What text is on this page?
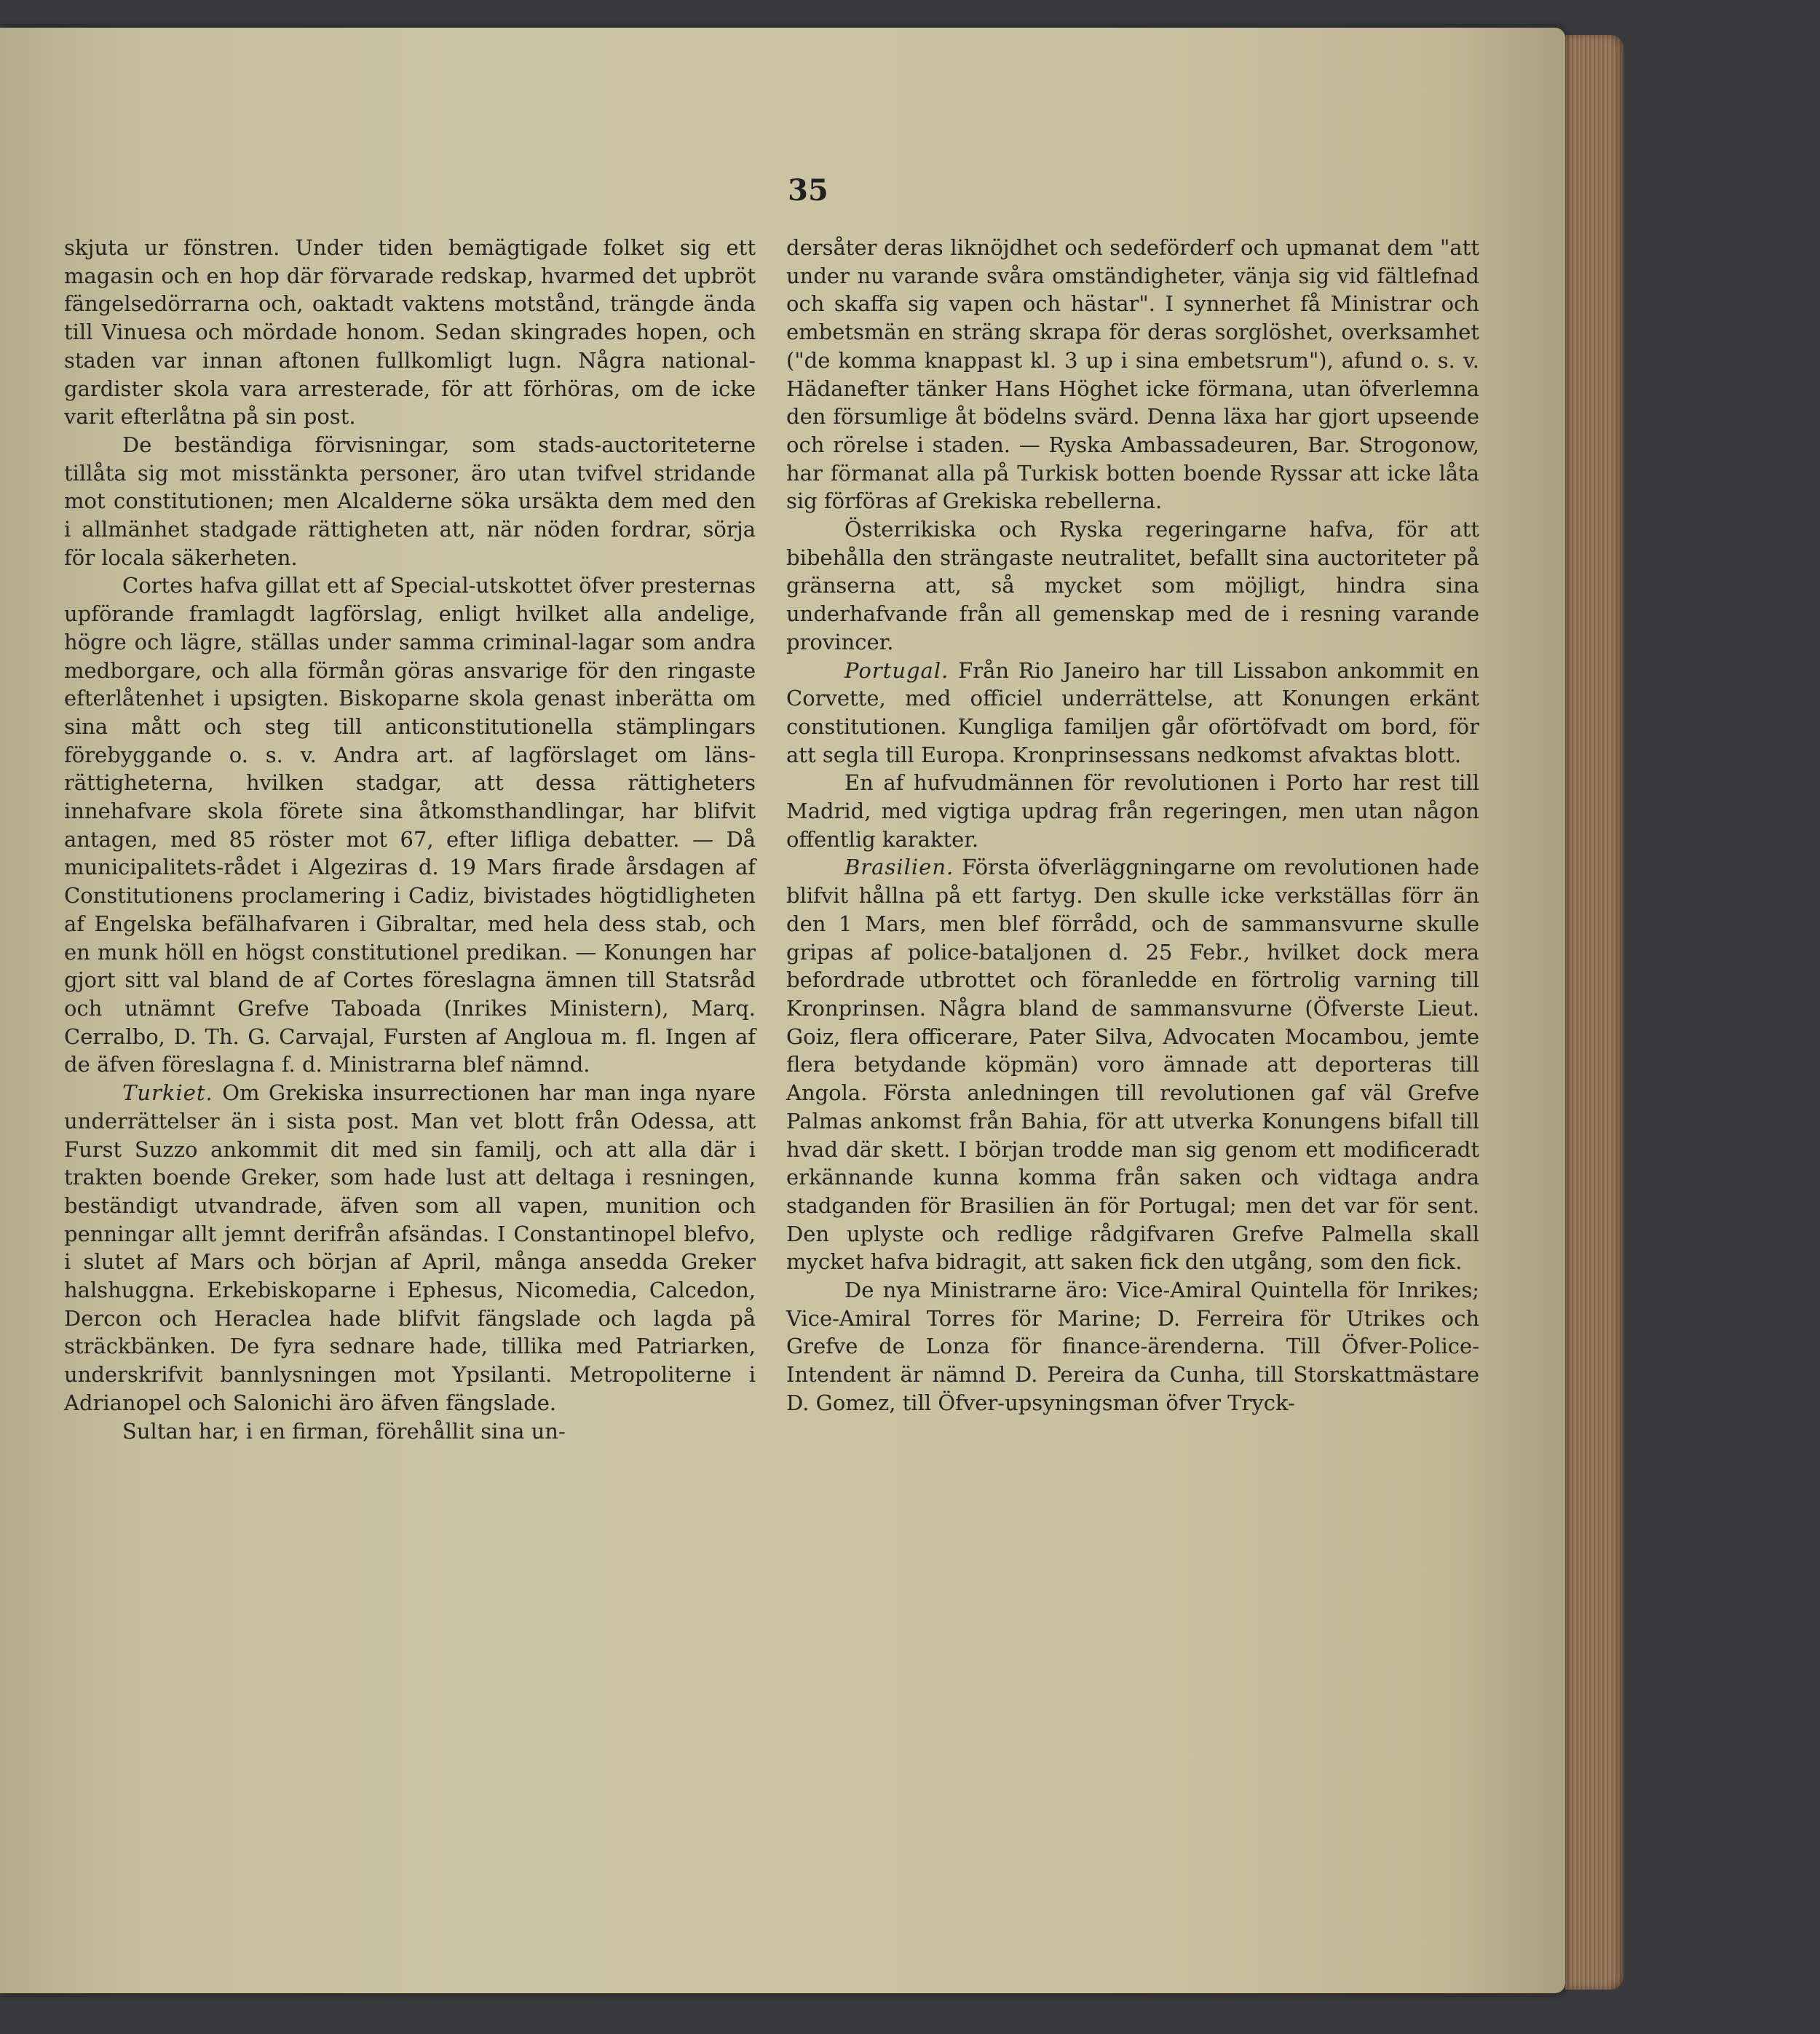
35

skjuta ur fönstren. Under tiden bemägtigade folket sig ett magasin och en hop där förvarade redskap, hvarmed det upbröt fängelsedörrarna och, oaktadt vaktens motstånd, trängde ända till Vinuesa och mördade honom. Sedan skingrades hopen, och staden var innan aftonen fullkomligt lugn. Några national-gardister skola vara arresterade, för att förhöras, om de icke varit efterlåtna på sin post.

De beständiga förvisningar, som stads-auctoriteterne tillåta sig mot misstänkta personer, äro utan tvifvel stridande mot constitutionen; men Alcalderne söka ursäkta dem med den i allmänhet stadgade rättigheten att, när nöden fordrar, sörja för locala säkerheten.

Cortes hafva gillat ett af Special-utskottet öfver presternas upförande framlagdt lagförslag, enligt hvilket alla andelige, högre och lägre, ställas under samma criminal-lagar som andra medborgare, och alla förmån göras ansvarige för den ringaste efterlåtenhet i upsigten. Biskoparne skola genast inberätta om sina mått och steg till anticonstitutionella stämplingars förebyggande o. s. v. Andra art. af lagförslaget om läns-rättigheterna, hvilken stadgar, att dessa rättigheters innehafvare skola förete sina åtkomsthandlingar, har blifvit antagen, med 85 röster mot 67, efter lifliga debatter. — Då municipalitets-rådet i Algeziras d. 19 Mars firade årsdagen af Constitutionens proclamering i Cadiz, bivistades högtidligheten af Engelska befälhafvaren i Gibraltar, med hela dess stab, och en munk höll en högst constitutionel predikan. — Konungen har gjort sitt val bland de af Cortes föreslagna ämnen till Statsråd och utnämnt Grefve Taboada (Inrikes Ministern), Marq. Cerralbo, D. Th. G. Carvajal, Fursten af Angloua m. fl. Ingen af de äfven föreslagna f. d. Ministrarna blef nämnd.

Turkiet. Om Grekiska insurrectionen har man inga nyare underrättelser än i sista post. Man vet blott från Odessa, att Furst Suzzo ankommit dit med sin familj, och att alla där i trakten boende Greker, som hade lust att deltaga i resningen, beständigt utvandrade, äfven som all vapen, munition och penningar allt jemnt derifrån afsändas. I Constantinopel blefvo, i slutet af Mars och början af April, många ansedda Greker halshuggna. Erkebiskoparne i Ephesus, Nicomedia, Calcedon, Dercon och Heraclea hade blifvit fängslade och lagda på sträckbänken. De fyra sednare hade, tillika med Patriarken, underskrifvit bannlysningen mot Ypsilanti. Metropoliterne i Adrianopel och Salonichi äro äfven fängslade.

Sultan har, i en firman, förehållit sina un-

dersåter deras liknöjdhet och sedeförderf och upmanat dem "att under nu varande svåra omständigheter, vänja sig vid fältlefnad och skaffa sig vapen och hästar". I synnerhet få Ministrar och embetsmän en sträng skrapa för deras sorglöshet, overksamhet ("de komma knappast kl. 3 up i sina embetsrum"), afund o. s. v. Hädanefter tänker Hans Höghet icke förmana, utan öfverlemna den försumlige åt bödelns svärd. Denna läxa har gjort upseende och rörelse i staden. — Ryska Ambassadeuren, Bar. Strogonow, har förmanat alla på Turkisk botten boende Ryssar att icke låta sig förföras af Grekiska rebellerna.

Österrikiska och Ryska regeringarne hafva, för att bibehålla den strängaste neutralitet, befallt sina auctoriteter på gränserna att, så mycket som möjligt, hindra sina underhafvande från all gemenskap med de i resning varande provincer.

Portugal. Från Rio Janeiro har till Lissabon ankommit en Corvette, med officiel underrättelse, att Konungen erkänt constitutionen. Kungliga familjen går oförtöfvadt om bord, för att segla till Europa. Kronprinsessans nedkomst afvaktas blott.

En af hufvudmännen för revolutionen i Porto har rest till Madrid, med vigtiga updrag från regeringen, men utan någon offentlig karakter.

Brasilien. Första öfverläggningarne om revolutionen hade blifvit hållna på ett fartyg. Den skulle icke verkställas förr än den 1 Mars, men blef förrådd, och de sammansvurne skulle gripas af police-bataljonen d. 25 Febr., hvilket dock mera befordrade utbrottet och föranledde en förtrolig varning till Kronprinsen. Några bland de sammansvurne (Öfverste Lieut. Goiz, flera officerare, Pater Silva, Advocaten Mocambou, jemte flera betydande köpmän) voro ämnade att deporteras till Angola. Första anledningen till revolutionen gaf väl Grefve Palmas ankomst från Bahia, för att utverka Konungens bifall till hvad där skett. I början trodde man sig genom ett modificeradt erkännande kunna komma från saken och vidtaga andra stadganden för Brasilien än för Portugal; men det var för sent. Den uplyste och redlige rådgifvaren Grefve Palmella skall mycket hafva bidragit, att saken fick den utgång, som den fick.

De nya Ministrarne äro: Vice-Amiral Quintella för Inrikes; Vice-Amiral Torres för Marine; D. Ferreira för Utrikes och Grefve de Lonza för finance-ärenderna. Till Öfver-Police-Intendent är nämnd D. Pereira da Cunha, till Storskattmästare D. Gomez, till Öfver-upsyningsman öfver Tryck-
